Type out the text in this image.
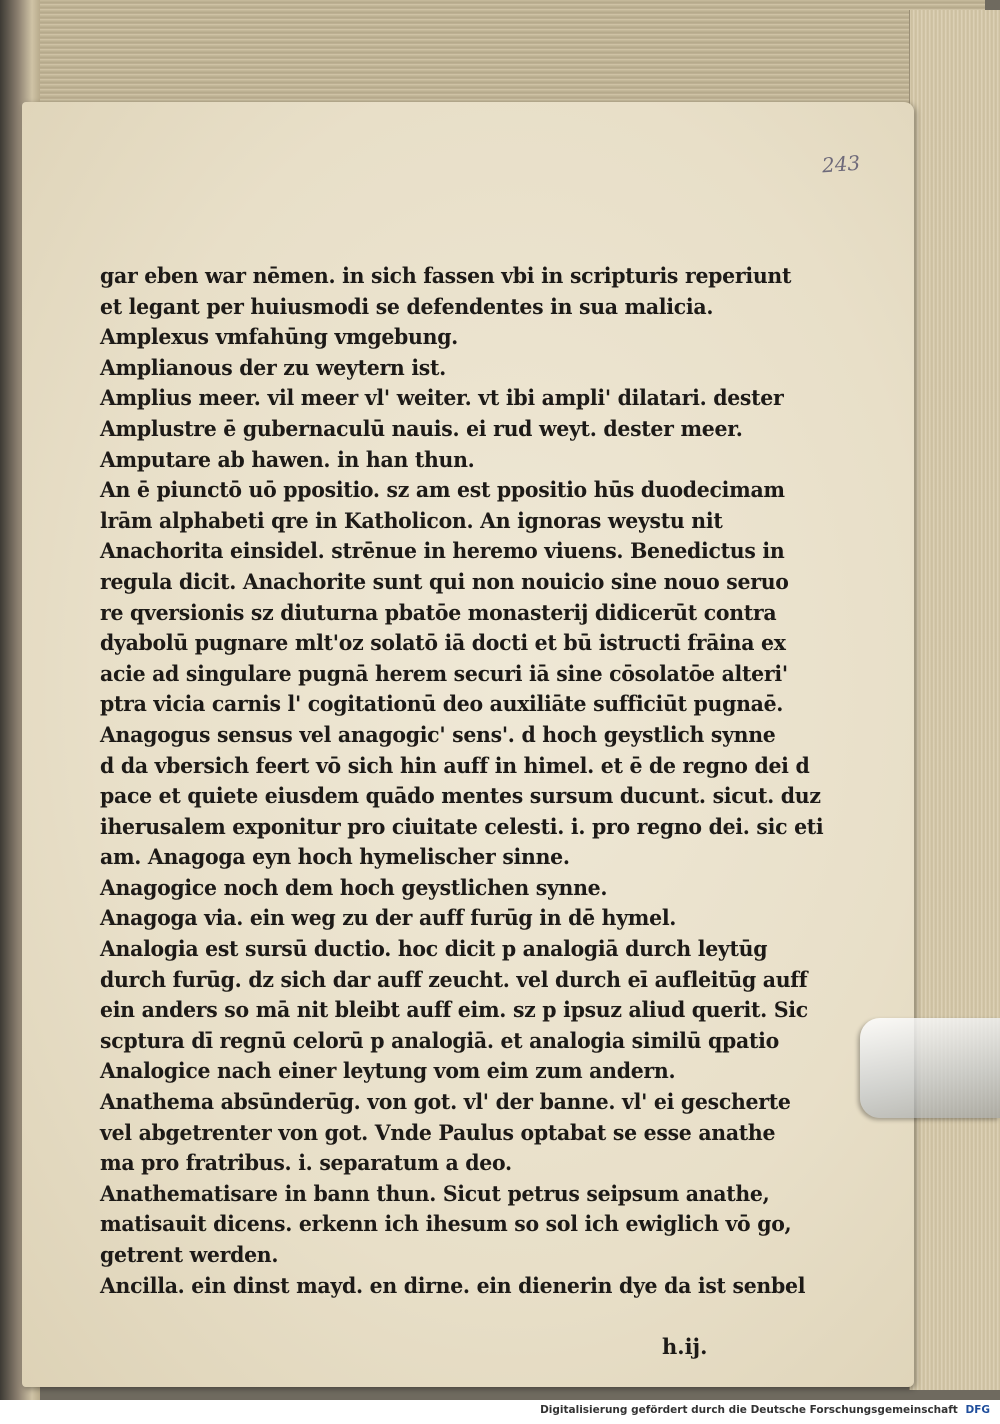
243
gar eben war nēmen. in sich fassen vbi in scripturis reperiunt
et legant per huiusmodi se defendentes in sua malicia.
Amplexus vmfahūng vmgebung.
Amplianous der zu weytern ist.
Amplius meer. vil meer vl' weiter. vt ibi ampli' dilatari. dester
Amplustre ē gubernaculū nauis. ei rud weyt. dester meer.
Amputare ab hawen. in han thun.
An ē piunctō uō ppositio. sz am est ppositio hūs duodecimam
lrām alphabeti qre in Katholicon. An ignoras weystu nit
Anachorita einsidel. strēnue in heremo viuens. Benedictus in
regula dicit. Anachorite sunt qui non nouicio sine nouo seruo
re qversionis sz diuturna pbatōe monasterij didicerūt contra
dyabolū pugnare mlt'oz solatō iā docti et bū istructi frāina ex
acie ad singulare pugnā herem securi iā sine cōsolatōe alteri'
ptra vicia carnis l' cogitationū deo auxiliāte sufficiūt pugnaē.
Anagogus sensus vel anagogic' sens'. d hoch geystlich synne
d da vbersich feert vō sich hin auff in himel. et ē de regno dei d
pace et quiete eiusdem quādo mentes sursum ducunt. sicut. duz
iherusalem exponitur pro ciuitate celesti. i. pro regno dei. sic eti
am. Anagoga eyn hoch hymelischer sinne.
Anagogice noch dem hoch geystlichen synne.
Anagoga via. ein weg zu der auff furūg in dē hymel.
Analogia est sursū ductio. hoc dicit p analogiā durch leytūg
durch furūg. dz sich dar auff zeucht. vel durch eī aufleitūg auff
ein anders so mā nit bleibt auff eim. sz p ipsuz aliud querit. Sic
scptura dī regnū celorū p analogiā. et analogia similū qpatio
Analogice nach einer leytung vom eim zum andern.
Anathema absūnderūg. von got. vl' der banne. vl' ei gescherte
vel abgetrenter von got. Vnde Paulus optabat se esse anathe
ma pro fratribus. i. separatum a deo.
Anathematisare in bann thun. Sicut petrus seipsum anathe,
matisauit dicens. erkenn ich ihesum so sol ich ewiglich vō go,
getrent werden.
Ancilla. ein dinst mayd. en dirne. ein dienerin dye da ist senbel
h.ij.
Digitalisierung gefördert durch die Deutsche Forschungsgemeinschaft DFG
